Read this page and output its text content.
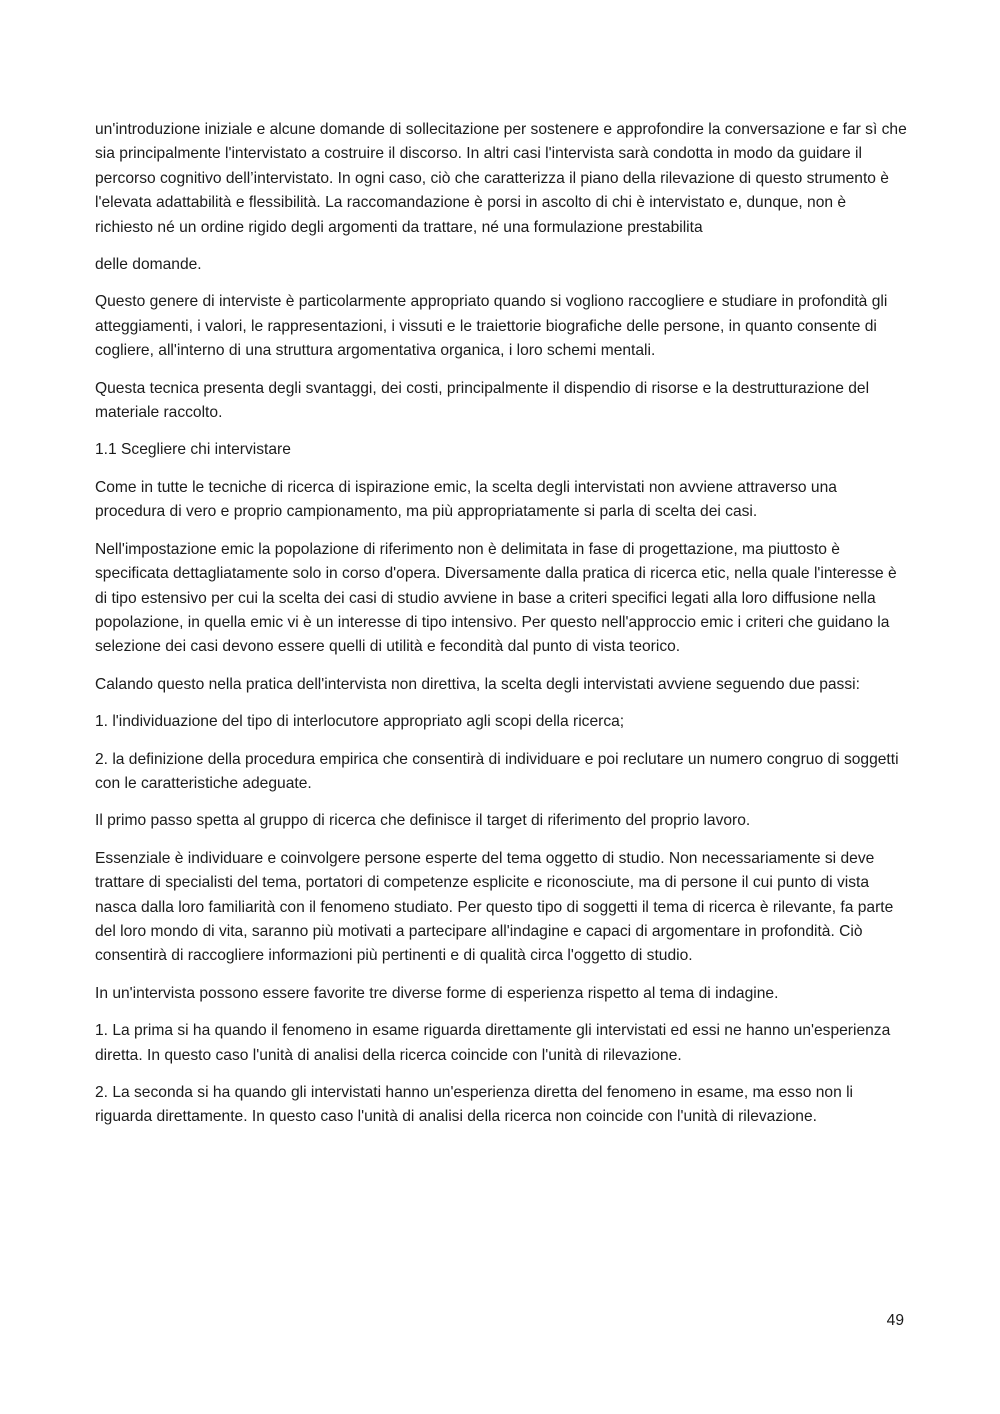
un'introduzione iniziale e alcune domande di sollecitazione per sostenere e approfondire la conversazione e far sì che sia principalmente l'intervistato a costruire il discorso. In altri casi l'intervista sarà condotta in modo da guidare il percorso cognitivo dell’intervistato. In ogni caso, ciò che caratterizza il piano della rilevazione di questo strumento è l'elevata adattabilità e flessibilità. La raccomandazione è porsi in ascolto di chi è intervistato e, dunque, non è richiesto né un ordine rigido degli argomenti da trattare, né una formulazione prestabilita

delle domande.

Questo genere di interviste è particolarmente appropriato quando si vogliono raccogliere e studiare in profondità gli atteggiamenti, i valori, le rappresentazioni, i vissuti e le traiettorie biografiche delle persone, in quanto consente di cogliere, all'interno di una struttura argomentativa organica, i loro schemi mentali.

Questa tecnica presenta degli svantaggi, dei costi, principalmente il dispendio di risorse e la destrutturazione del materiale raccolto.

1.1 Scegliere chi intervistare

Come in tutte le tecniche di ricerca di ispirazione emic, la scelta degli intervistati non avviene attraverso una procedura di vero e proprio campionamento, ma più appropriatamente si parla di scelta dei casi.

Nell'impostazione emic la popolazione di riferimento non è delimitata in fase di progettazione, ma piuttosto è specificata dettagliatamente solo in corso d'opera. Diversamente dalla pratica di ricerca etic, nella quale l'interesse è di tipo estensivo per cui la scelta dei casi di studio avviene in base a criteri specifici legati alla loro diffusione nella popolazione, in quella emic vi è un interesse di tipo intensivo. Per questo nell'approccio emic i criteri che guidano la selezione dei casi devono essere quelli di utilità e fecondità dal punto di vista teorico.

Calando questo nella pratica dell'intervista non direttiva, la scelta degli intervistati avviene seguendo due passi:

1. l'individuazione del tipo di interlocutore appropriato agli scopi della ricerca;

2. la definizione della procedura empirica che consentirà di individuare e poi reclutare un numero congruo di soggetti con le caratteristiche adeguate.

Il primo passo spetta al gruppo di ricerca che definisce il target di riferimento del proprio lavoro.

Essenziale è individuare e coinvolgere persone esperte del tema oggetto di studio. Non necessariamente si deve trattare di specialisti del tema, portatori di competenze esplicite e riconosciute, ma di persone il cui punto di vista nasca dalla loro familiarità con il fenomeno studiato. Per questo tipo di soggetti il tema di ricerca è rilevante, fa parte del loro mondo di vita, saranno più motivati a partecipare all'indagine e capaci di argomentare in profondità. Ciò consentirà di raccogliere informazioni più pertinenti e di qualità circa l'oggetto di studio.

In un'intervista possono essere favorite tre diverse forme di esperienza rispetto al tema di indagine.

1. La prima si ha quando il fenomeno in esame riguarda direttamente gli intervistati ed essi ne hanno un'esperienza diretta. In questo caso l'unità di analisi della ricerca coincide con l'unità di rilevazione.

2. La seconda si ha quando gli intervistati hanno un'esperienza diretta del fenomeno in esame, ma esso non li riguarda direttamente. In questo caso l'unità di analisi della ricerca non coincide con l'unità di rilevazione.

49
